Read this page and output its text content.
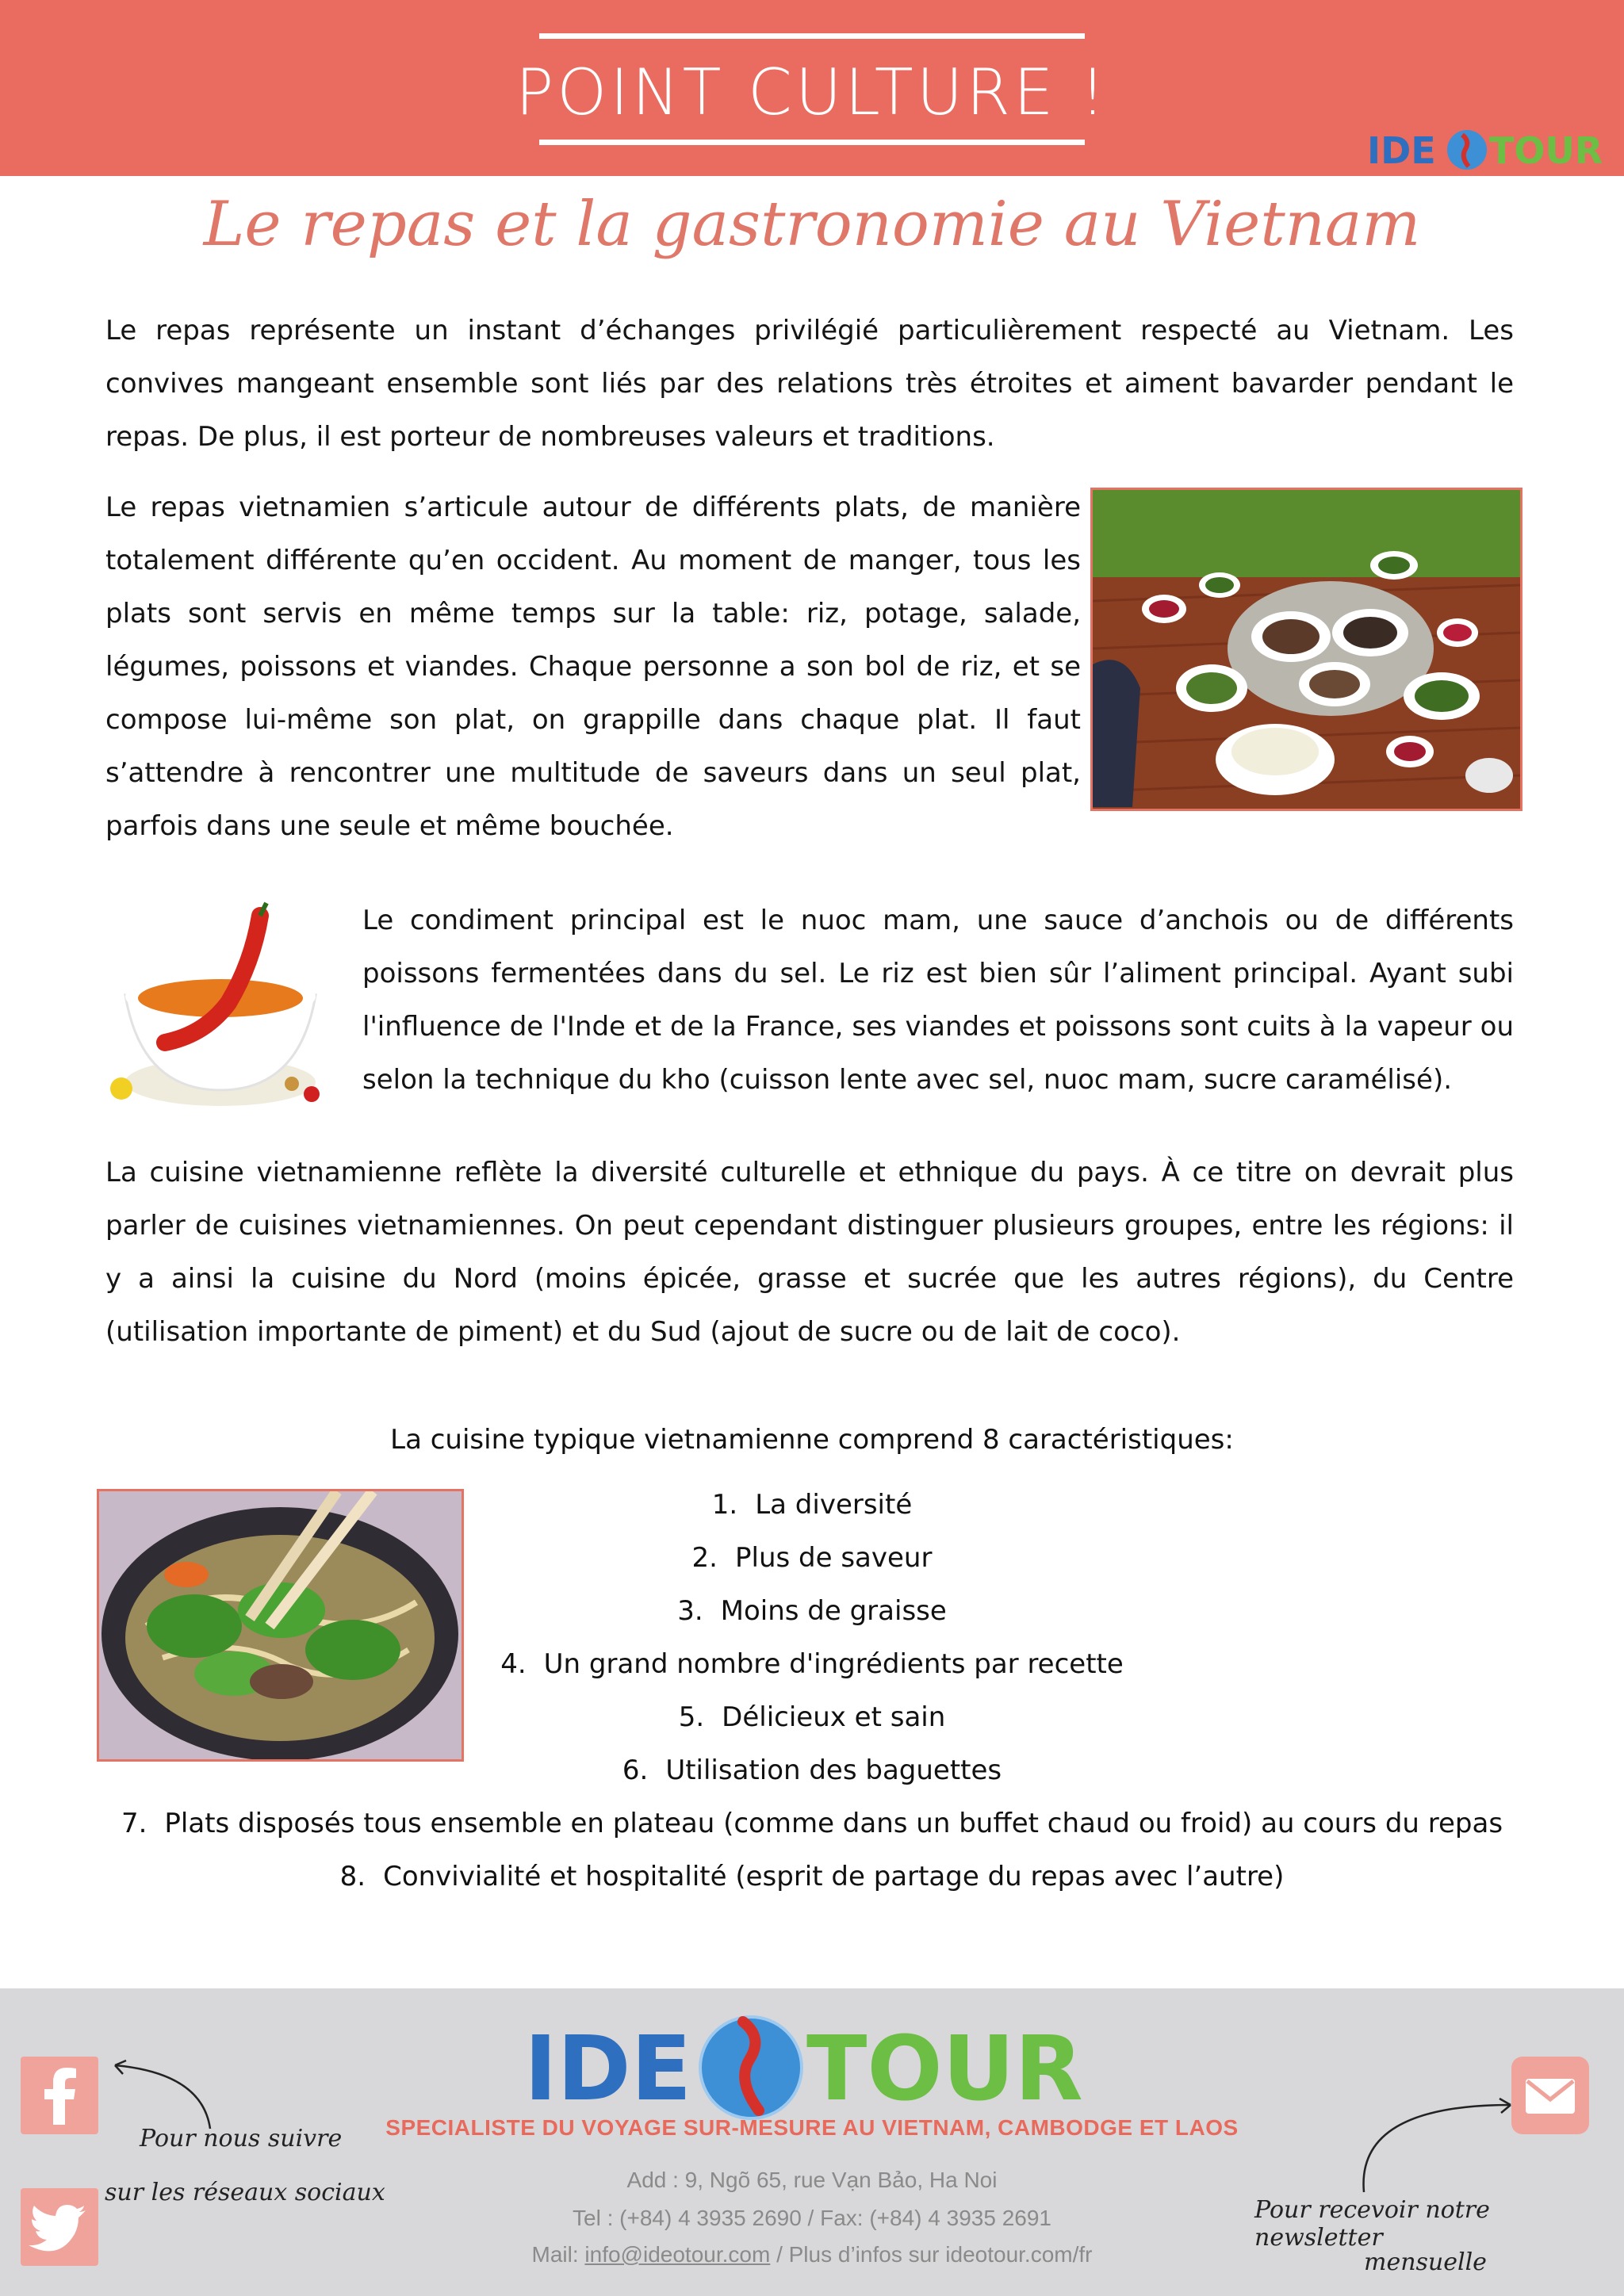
POINT CULTURE !
IDE TOUR
Le repas et la gastronomie au Vietnam
Le repas représente un instant d’échanges privilégié particulièrement respecté au Vietnam. Les convives mangeant ensemble sont liés par des relations très étroites et aiment bavarder pendant le repas. De plus, il est porteur de nombreuses valeurs et traditions.
Le repas vietnamien s’articule autour de différents plats, de manière totalement différente qu’en occident. Au moment de manger, tous les plats sont servis en même temps sur la table: riz, potage, salade, légumes, poissons et viandes. Chaque personne a son bol de riz, et se compose lui-même son plat, on grappille dans chaque plat. Il faut s’attendre à rencontrer une multitude de saveurs dans un seul plat, parfois dans une seule et même bouchée.
Le condiment principal est le nuoc mam, une sauce d’anchois ou de différents poissons fermentées dans du sel. Le riz est bien sûr l’aliment principal. Ayant subi l'influence de l'Inde et de la France, ses viandes et poissons sont cuits à la vapeur ou selon la technique du kho (cuisson lente avec sel, nuoc mam, sucre caramélisé).
La cuisine vietnamienne reflète la diversité culturelle et ethnique du pays. À ce titre on devrait plus parler de cuisines vietnamiennes. On peut cependant distinguer plusieurs groupes, entre les régions: il y a ainsi la cuisine du Nord (moins épicée, grasse et sucrée que les autres régions), du Centre (utilisation importante de piment) et du Sud (ajout de sucre ou de lait de coco).
La cuisine typique vietnamienne comprend 8 caractéristiques:
1. La diversité
2. Plus de saveur
3. Moins de graisse
4. Un grand nombre d'ingrédients par recette
5. Délicieux et sain
6. Utilisation des baguettes
7. Plats disposés tous ensemble en plateau (comme dans un buffet chaud ou froid) au cours du repas
8. Convivialité et hospitalité (esprit de partage du repas avec l’autre)
Pour nous suivre
sur les réseaux sociaux
Pour recevoir notre newsletter
mensuelle
IDE TOUR
SPECIALISTE DU VOYAGE SUR-MESURE AU VIETNAM, CAMBODGE ET LAOS
Add : 9, Ngõ 65, rue Vạn Bảo, Ha Noi
Tel : (+84) 4 3935 2690 / Fax: (+84) 4 3935 2691
Mail: info@ideotour.com / Plus d’infos sur ideotour.com/fr
